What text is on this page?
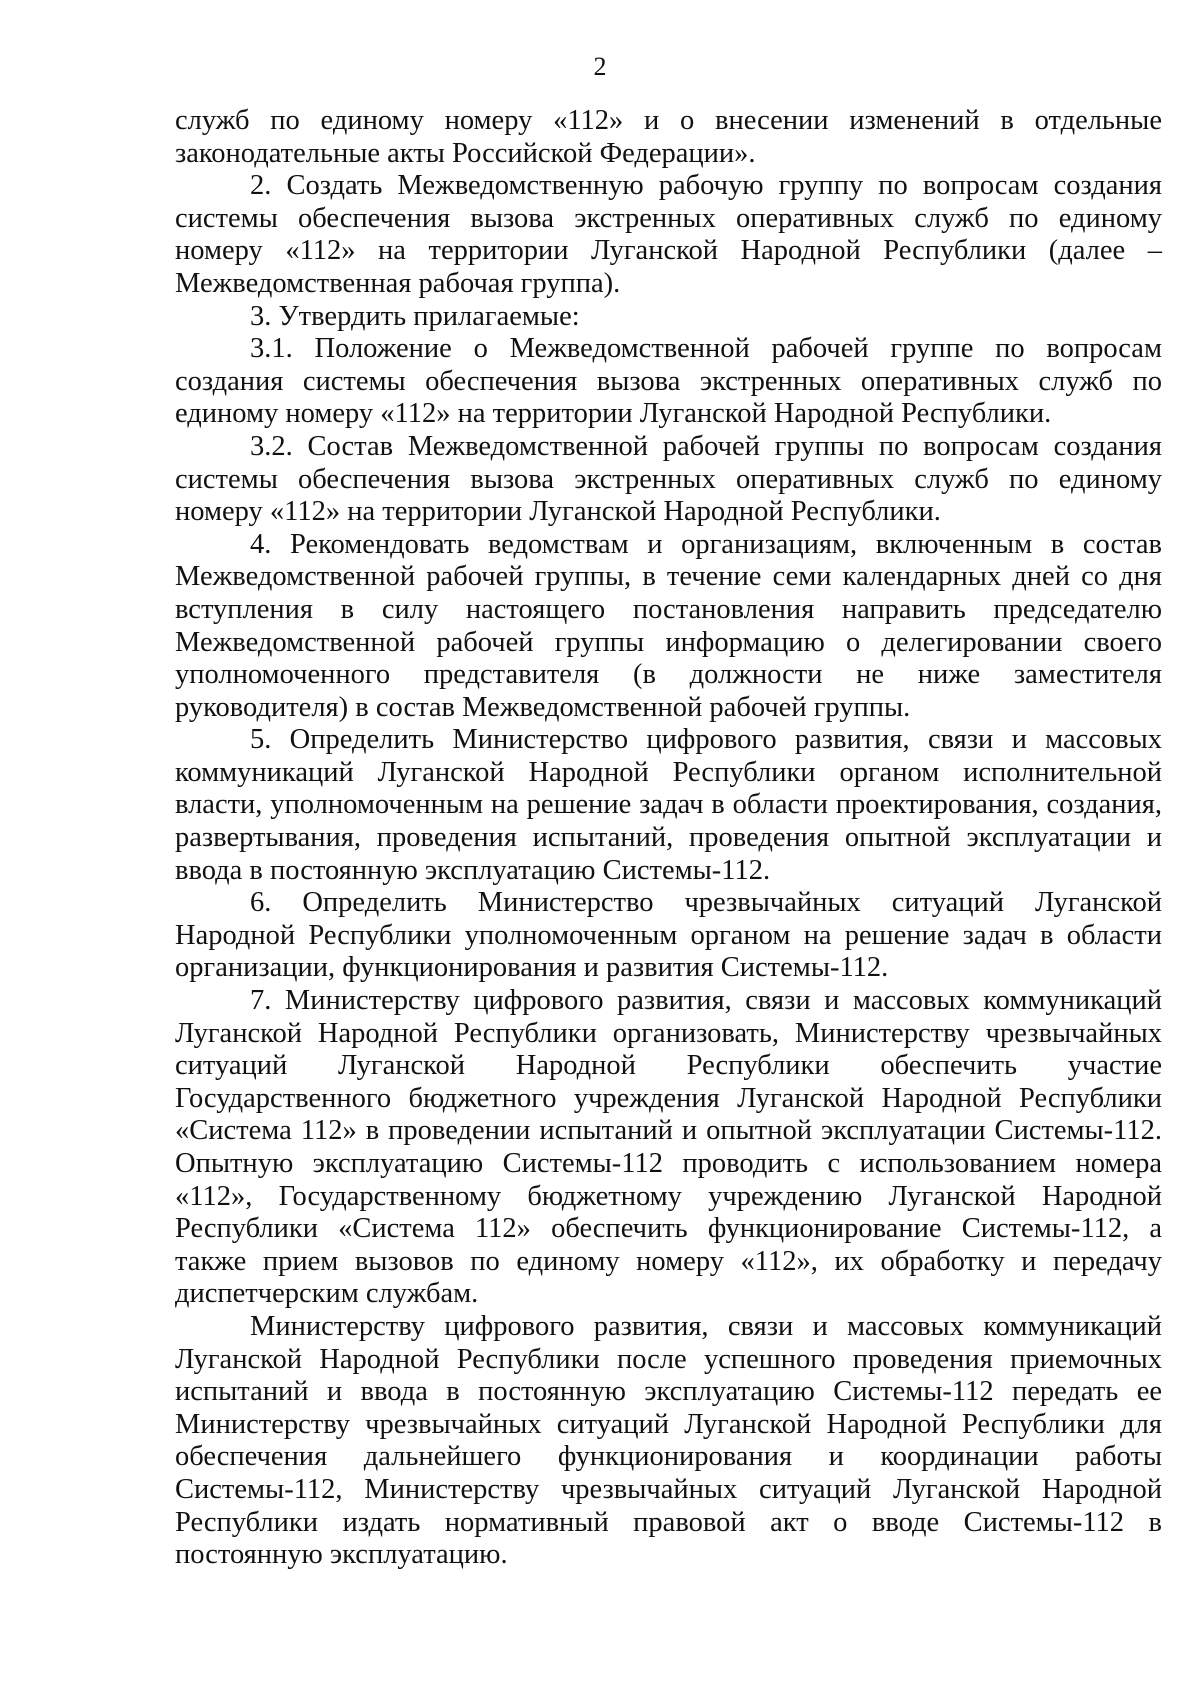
2

служб по единому номеру «112» и о внесении изменений в отдельные законодательные акты Российской Федерации».

2. Создать Межведомственную рабочую группу по вопросам создания системы обеспечения вызова экстренных оперативных служб по единому номеру «112» на территории Луганской Народной Республики (далее – Межведомственная рабочая группа).

3. Утвердить прилагаемые:

3.1. Положение о Межведомственной рабочей группе по вопросам создания системы обеспечения вызова экстренных оперативных служб по единому номеру «112» на территории Луганской Народной Республики.

3.2. Состав Межведомственной рабочей группы по вопросам создания системы обеспечения вызова экстренных оперативных служб по единому номеру «112» на территории Луганской Народной Республики.

4. Рекомендовать ведомствам и организациям, включенным в состав Межведомственной рабочей группы, в течение семи календарных дней со дня вступления в силу настоящего постановления направить председателю Межведомственной рабочей группы информацию о делегировании своего уполномоченного представителя (в должности не ниже заместителя руководителя) в состав Межведомственной рабочей группы.

5. Определить Министерство цифрового развития, связи и массовых коммуникаций Луганской Народной Республики органом исполнительной власти, уполномоченным на решение задач в области проектирования, создания, развертывания, проведения испытаний, проведения опытной эксплуатации и ввода в постоянную эксплуатацию Системы-112.

6. Определить Министерство чрезвычайных ситуаций Луганской Народной Республики уполномоченным органом на решение задач в области организации, функционирования и развития Системы-112.

7. Министерству цифрового развития, связи и массовых коммуникаций Луганской Народной Республики организовать, Министерству чрезвычайных ситуаций Луганской Народной Республики обеспечить участие Государственного бюджетного учреждения Луганской Народной Республики «Система 112» в проведении испытаний и опытной эксплуатации Системы-112. Опытную эксплуатацию Системы-112 проводить с использованием номера «112», Государственному бюджетному учреждению Луганской Народной Республики «Система 112» обеспечить функционирование Системы-112, а также прием вызовов по единому номеру «112», их обработку и передачу диспетчерским службам.

Министерству цифрового развития, связи и массовых коммуникаций Луганской Народной Республики после успешного проведения приемочных испытаний и ввода в постоянную эксплуатацию Системы-112 передать ее Министерству чрезвычайных ситуаций Луганской Народной Республики для обеспечения дальнейшего функционирования и координации работы Системы-112, Министерству чрезвычайных ситуаций Луганской Народной Республики издать нормативный правовой акт о вводе Системы-112 в постоянную эксплуатацию.
